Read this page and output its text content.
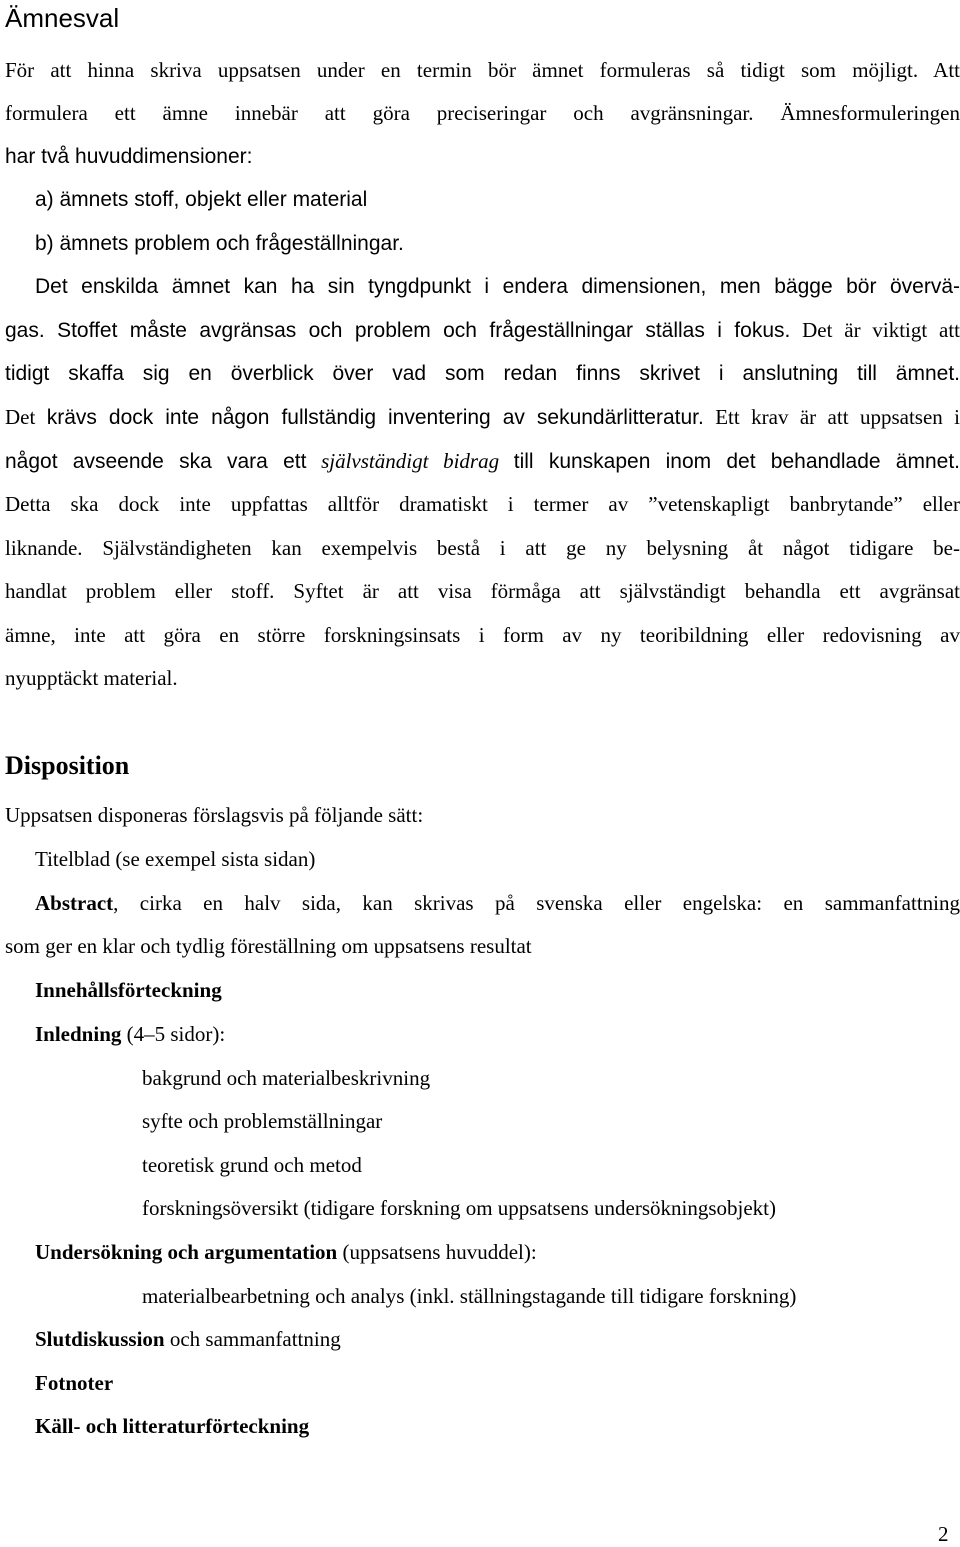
Ämnesval
För att hinna skriva uppsatsen under en termin bör ämnet formuleras så tidigt som möjligt. Att
formulera ett ämne innebär att göra preciseringar och avgränsningar. Ämnesformuleringen
har två huvuddimensioner:
a) ämnets stoff, objekt eller material
b) ämnets problem och frågeställningar.
Det enskilda ämnet kan ha sin tyngdpunkt i endera dimensionen, men bägge bör övervä-
gas. Stoffet måste avgränsas och problem och frågeställningar ställas i fokus. Det är viktigt att
tidigt skaffa sig en överblick över vad som redan finns skrivet i anslutning till ämnet.
Det krävs dock inte någon fullständig inventering av sekundärlitteratur. Ett krav är att uppsatsen i
något avseende ska vara ett självständigt bidrag till kunskapen inom det behandlade ämnet.
Detta ska dock inte uppfattas alltför dramatiskt i termer av ”vetenskapligt banbrytande” eller
liknande. Självständigheten kan exempelvis bestå i att ge ny belysning åt något tidigare be-
handlat problem eller stoff. Syftet är att visa förmåga att självständigt behandla ett avgränsat
ämne, inte att göra en större forskningsinsats i form av ny teoribildning eller redovisning av
nyupptäckt material.
Disposition
Uppsatsen disponeras förslagsvis på följande sätt:
Titelblad (se exempel sista sidan)
Abstract, cirka en halv sida, kan skrivas på svenska eller engelska: en sammanfattning
som ger en klar och tydlig föreställning om uppsatsens resultat
Innehållsförteckning
Inledning (4–5 sidor):
bakgrund och materialbeskrivning
syfte och problemställningar
teoretisk grund och metod
forskningsöversikt (tidigare forskning om uppsatsens undersökningsobjekt)
Undersökning och argumentation (uppsatsens huvuddel):
materialbearbetning och analys (inkl. ställningstagande till tidigare forskning)
Slutdiskussion och sammanfattning
Fotnoter
Käll- och litteraturförteckning
2
